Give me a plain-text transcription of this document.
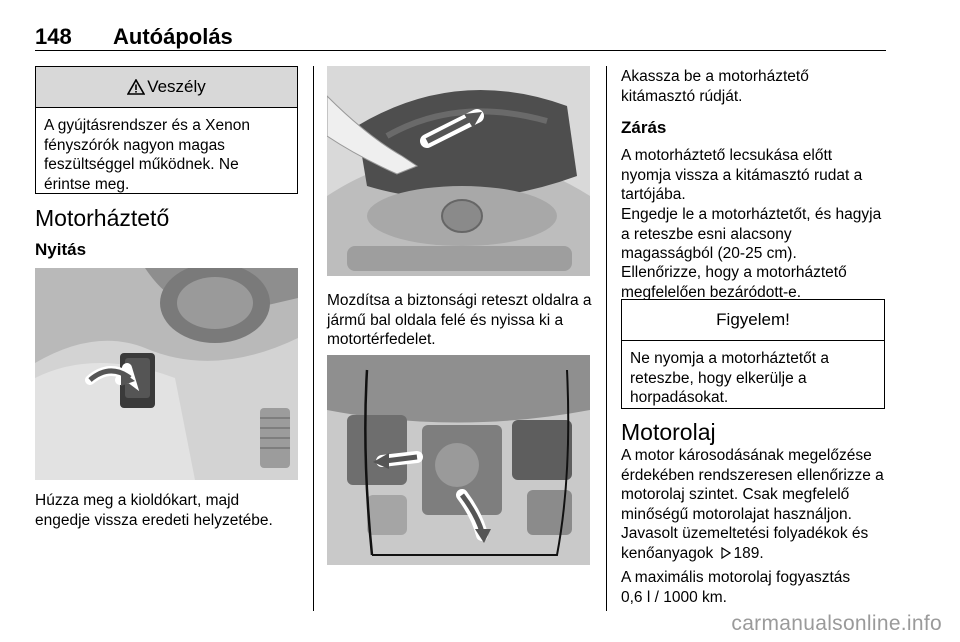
148 Autóápolás
Veszély

A gyújtásrendszer és a Xenon fényszórók nagyon magas feszültséggel működnek. Ne érintse meg.

Motorháztető
Nyitás

Húzza meg a kioldókart, majd engedje vissza eredeti helyzetébe.

Mozdítsa a biztonsági reteszt oldalra a jármű bal oldala felé és nyissa ki a motortérfedelet.

Akassza be a motorháztető kitámasztó rúdját.

Zárás

A motorháztető lecsukása előtt nyomja vissza a kitámasztó rudat a tartójába.

Engedje le a motorháztetőt, és hagyja a reteszbe esni alacsony magasságból (20-25 cm).

Ellenőrizze, hogy a motorháztető megfelelően bezáródott-e.

Figyelem!

Ne nyomja a motorháztetőt a reteszbe, hogy elkerülje a horpadásokat.

Motorolaj

A motor károsodásának megelőzése érdekében rendszeresen ellenőrizze a motorolaj szintet. Csak megfelelő minőségű motorolajat használjon.

Javasolt üzemeltetési folyadékok és kenőanyagok 189.

A maximális motorolaj fogyasztás 0,6 l / 1000 km.

carmanualsonline.info
